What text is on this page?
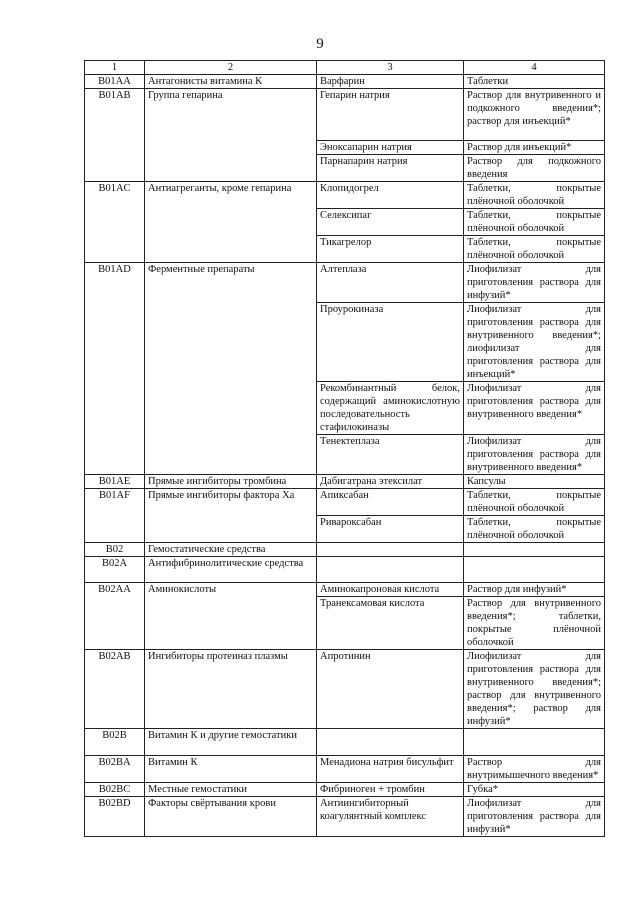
9
1	2	3	4
B01AA	Антагонисты витамина К	Варфарин	Таблетки
B01AB	Группа гепарина	Гепарин натрия	Раствор для внутривенного и подкожного введения*; раствор для инъекций*
		Эноксапарин натрия	Раствор для инъекций*
		Парнапарин натрия	Раствор для подкожного введения
B01AC	Антиагреганты, кроме гепарина	Клопидогрел	Таблетки, покрытые плёночной оболочкой
		Селексипаг	Таблетки, покрытые плёночной оболочкой
		Тикагрелор	Таблетки, покрытые плёночной оболочкой
B01AD	Ферментные препараты	Алтеплаза	Лиофилизат для приготовления раствора для инфузий*
		Проурокиназа	Лиофилизат для приготовления раствора для внутривенного введения*; лиофилизат для приготовления раствора для инъекций*
		Рекомбинантный белок, содержащий аминокислотную последовательность стафилокиназы	Лиофилизат для приготовления раствора для внутривенного введения*
		Тенектеплаза	Лиофилизат для приготовления раствора для внутривенного введения*
B01AE	Прямые ингибиторы тромбина	Дабигатрана этексилат	Капсулы
B01AF	Прямые ингибиторы фактора Xa	Апиксабан	Таблетки, покрытые плёночной оболочкой
		Ривароксабан	Таблетки, покрытые плёночной оболочкой
B02	Гемостатические средства		
B02A	Антифибринолитические средства		
B02AA	Аминокислоты	Аминокапроновая кислота	Раствор для инфузий*
		Транексамовая кислота	Раствор для внутривенного введения*; таблетки, покрытые плёночной оболочкой
B02AB	Ингибиторы протеиназ плазмы	Апротинин	Лиофилизат для приготовления раствора для внутривенного введения*; раствор для внутривенного введения*; раствор для инфузий*
B02B	Витамин К и другие гемостатики		
B02BA	Витамин К	Менадиона натрия бисульфит	Раствор для внутримышечного введения*
B02BC	Местные гемостатики	Фибриноген + тромбин	Губка*
B02BD	Факторы свёртывания крови	Антиингибиторный коагулянтный комплекс	Лиофилизат для приготовления раствора для инфузий*
